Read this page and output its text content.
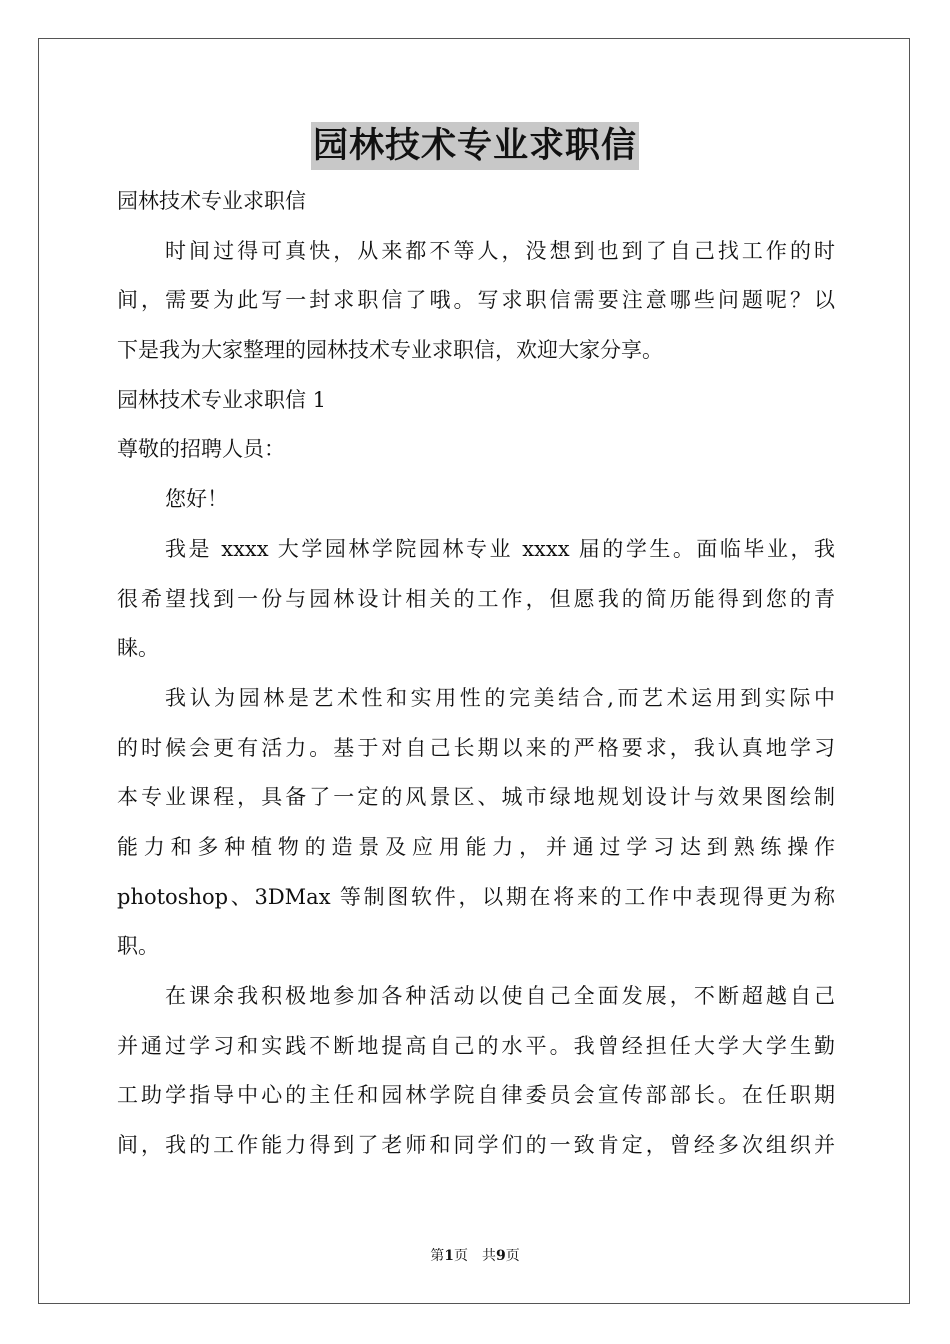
园林技术专业求职信
园林技术专业求职信
时间过得可真快，从来都不等人，没想到也到了自己找工作的时
间，需要为此写一封求职信了哦。写求职信需要注意哪些问题呢？以
下是我为大家整理的园林技术专业求职信，欢迎大家分享。
园林技术专业求职信 1
尊敬的招聘人员：
您好！
我是 xxxx 大学园林学院园林专业 xxxx 届的学生。面临毕业，我
很希望找到一份与园林设计相关的工作，但愿我的简历能得到您的青
睐。
我认为园林是艺术性和实用性的完美结合,而艺术运用到实际中
的时候会更有活力。基于对自己长期以来的严格要求，我认真地学习
本专业课程，具备了一定的风景区、城市绿地规划设计与效果图绘制
能力和多种植物的造景及应用能力，并通过学习达到熟练操作
photoshop、3DMax 等制图软件，以期在将来的工作中表现得更为称
职。
在课余我积极地参加各种活动以使自己全面发展，不断超越自己
并通过学习和实践不断地提高自己的水平。我曾经担任大学大学生勤
工助学指导中心的主任和园林学院自律委员会宣传部部长。在任职期
间，我的工作能力得到了老师和同学们的一致肯定，曾经多次组织并
第1页　共9页
